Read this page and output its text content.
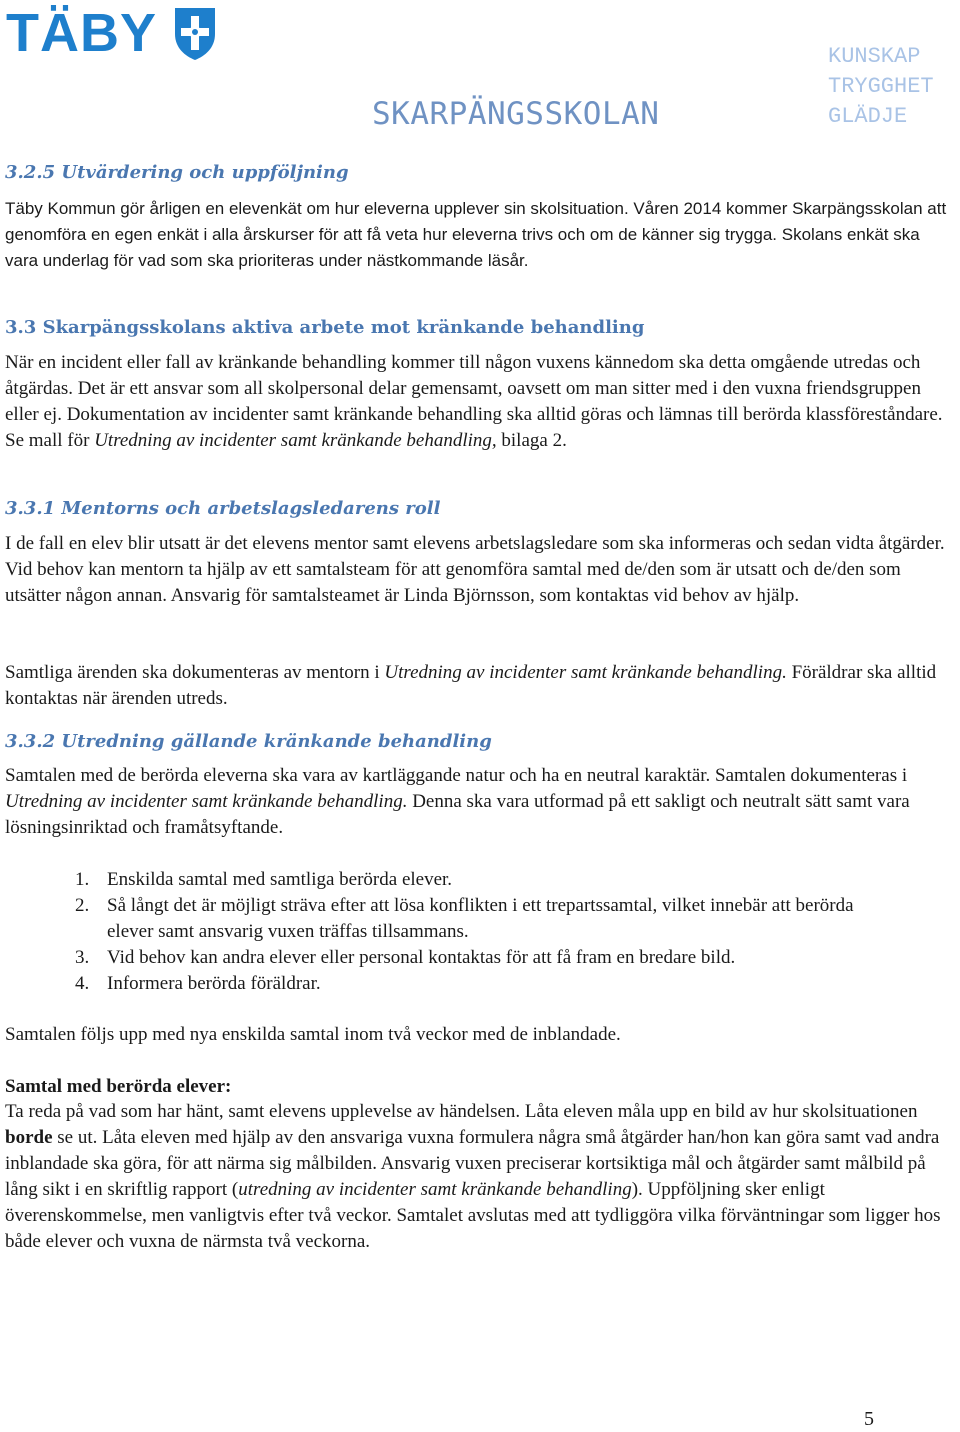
TÄBY
SKARPÄNGSSKOLAN
KUNSKAP
TRYGGHET
GLÄDJE
3.2.5 Utvärdering och uppföljning

Täby Kommun gör årligen en elevenkät om hur eleverna upplever sin skolsituation. Våren 2014 kommer Skarpängsskolan att genomföra en egen enkät i alla årskurser för att få veta hur eleverna trivs och om de känner sig trygga. Skolans enkät ska vara underlag för vad som ska prioriteras under nästkommande läsår.

3.3 Skarpängsskolans aktiva arbete mot kränkande behandling

När en incident eller fall av kränkande behandling kommer till någon vuxens kännedom ska detta omgående utredas och åtgärdas. Det är ett ansvar som all skolpersonal delar gemensamt, oavsett om man sitter med i den vuxna friendsgruppen eller ej. Dokumentation av incidenter samt kränkande behandling ska alltid göras och lämnas till berörda klassföreståndare. Se mall för Utredning av incidenter samt kränkande behandling, bilaga 2.

3.3.1 Mentorns och arbetslagsledarens roll

I de fall en elev blir utsatt är det elevens mentor samt elevens arbetslagsledare som ska informeras och sedan vidta åtgärder. Vid behov kan mentorn ta hjälp av ett samtalsteam för att genomföra samtal med de/den som är utsatt och de/den som utsätter någon annan. Ansvarig för samtalsteamet är Linda Björnsson, som kontaktas vid behov av hjälp.

Samtliga ärenden ska dokumenteras av mentorn i Utredning av incidenter samt kränkande behandling. Föräldrar ska alltid kontaktas när ärenden utreds.

3.3.2 Utredning gällande kränkande behandling

Samtalen med de berörda eleverna ska vara av kartläggande natur och ha en neutral karaktär. Samtalen dokumenteras i Utredning av incidenter samt kränkande behandling. Denna ska vara utformad på ett sakligt och neutralt sätt samt vara lösningsinriktad och framåtsyftande.

1. Enskilda samtal med samtliga berörda elever.
2. Så långt det är möjligt sträva efter att lösa konflikten i ett trepartssamtal, vilket innebär att berörda elever samt ansvarig vuxen träffas tillsammans.
3. Vid behov kan andra elever eller personal kontaktas för att få fram en bredare bild.
4. Informera berörda föräldrar.

Samtalen följs upp med nya enskilda samtal inom två veckor med de inblandade.

Samtal med berörda elever:

Ta reda på vad som har hänt, samt elevens upplevelse av händelsen. Låta eleven måla upp en bild av hur skolsituationen borde se ut. Låta eleven med hjälp av den ansvariga vuxna formulera några små åtgärder han/hon kan göra samt vad andra inblandade ska göra, för att närma sig målbilden. Ansvarig vuxen preciserar kortsiktiga mål och åtgärder samt målbild på lång sikt i en skriftlig rapport (utredning av incidenter samt kränkande behandling). Uppföljning sker enligt överenskommelse, men vanligtvis efter två veckor. Samtalet avslutas med att tydliggöra vilka förväntningar som ligger hos både elever och vuxna de närmsta två veckorna.

5
